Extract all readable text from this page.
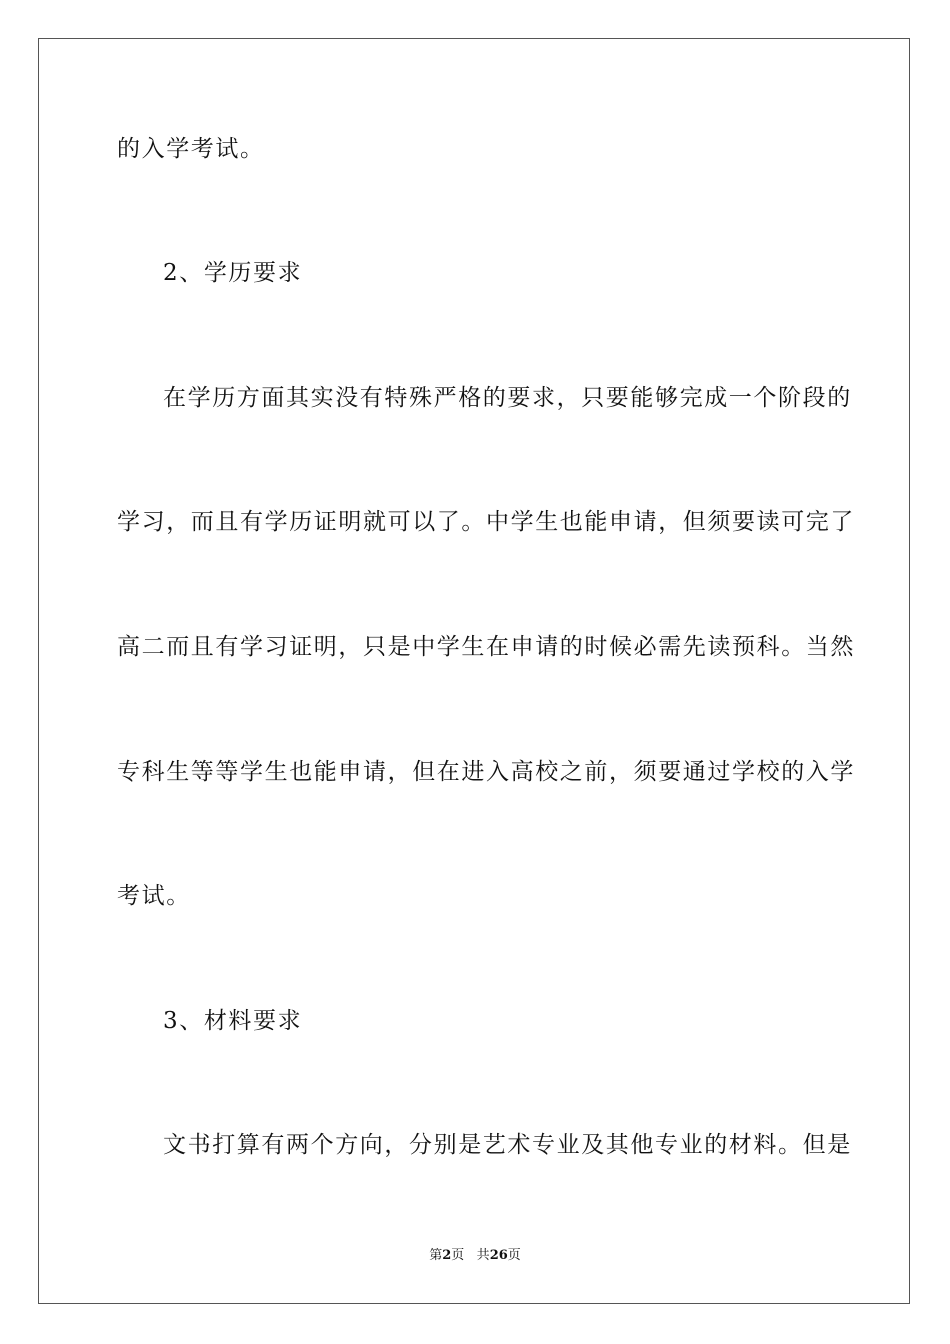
的入学考试。
2、学历要求
在学历方面其实没有特殊严格的要求，只要能够完成一个阶段的
学习，而且有学历证明就可以了。中学生也能申请，但须要读可完了
高二而且有学习证明，只是中学生在申请的时候必需先读预科。当然
专科生等等学生也能申请，但在进入高校之前，须要通过学校的入学
考试。
3、材料要求
文书打算有两个方向，分别是艺术专业及其他专业的材料。但是
第2页 共26页
